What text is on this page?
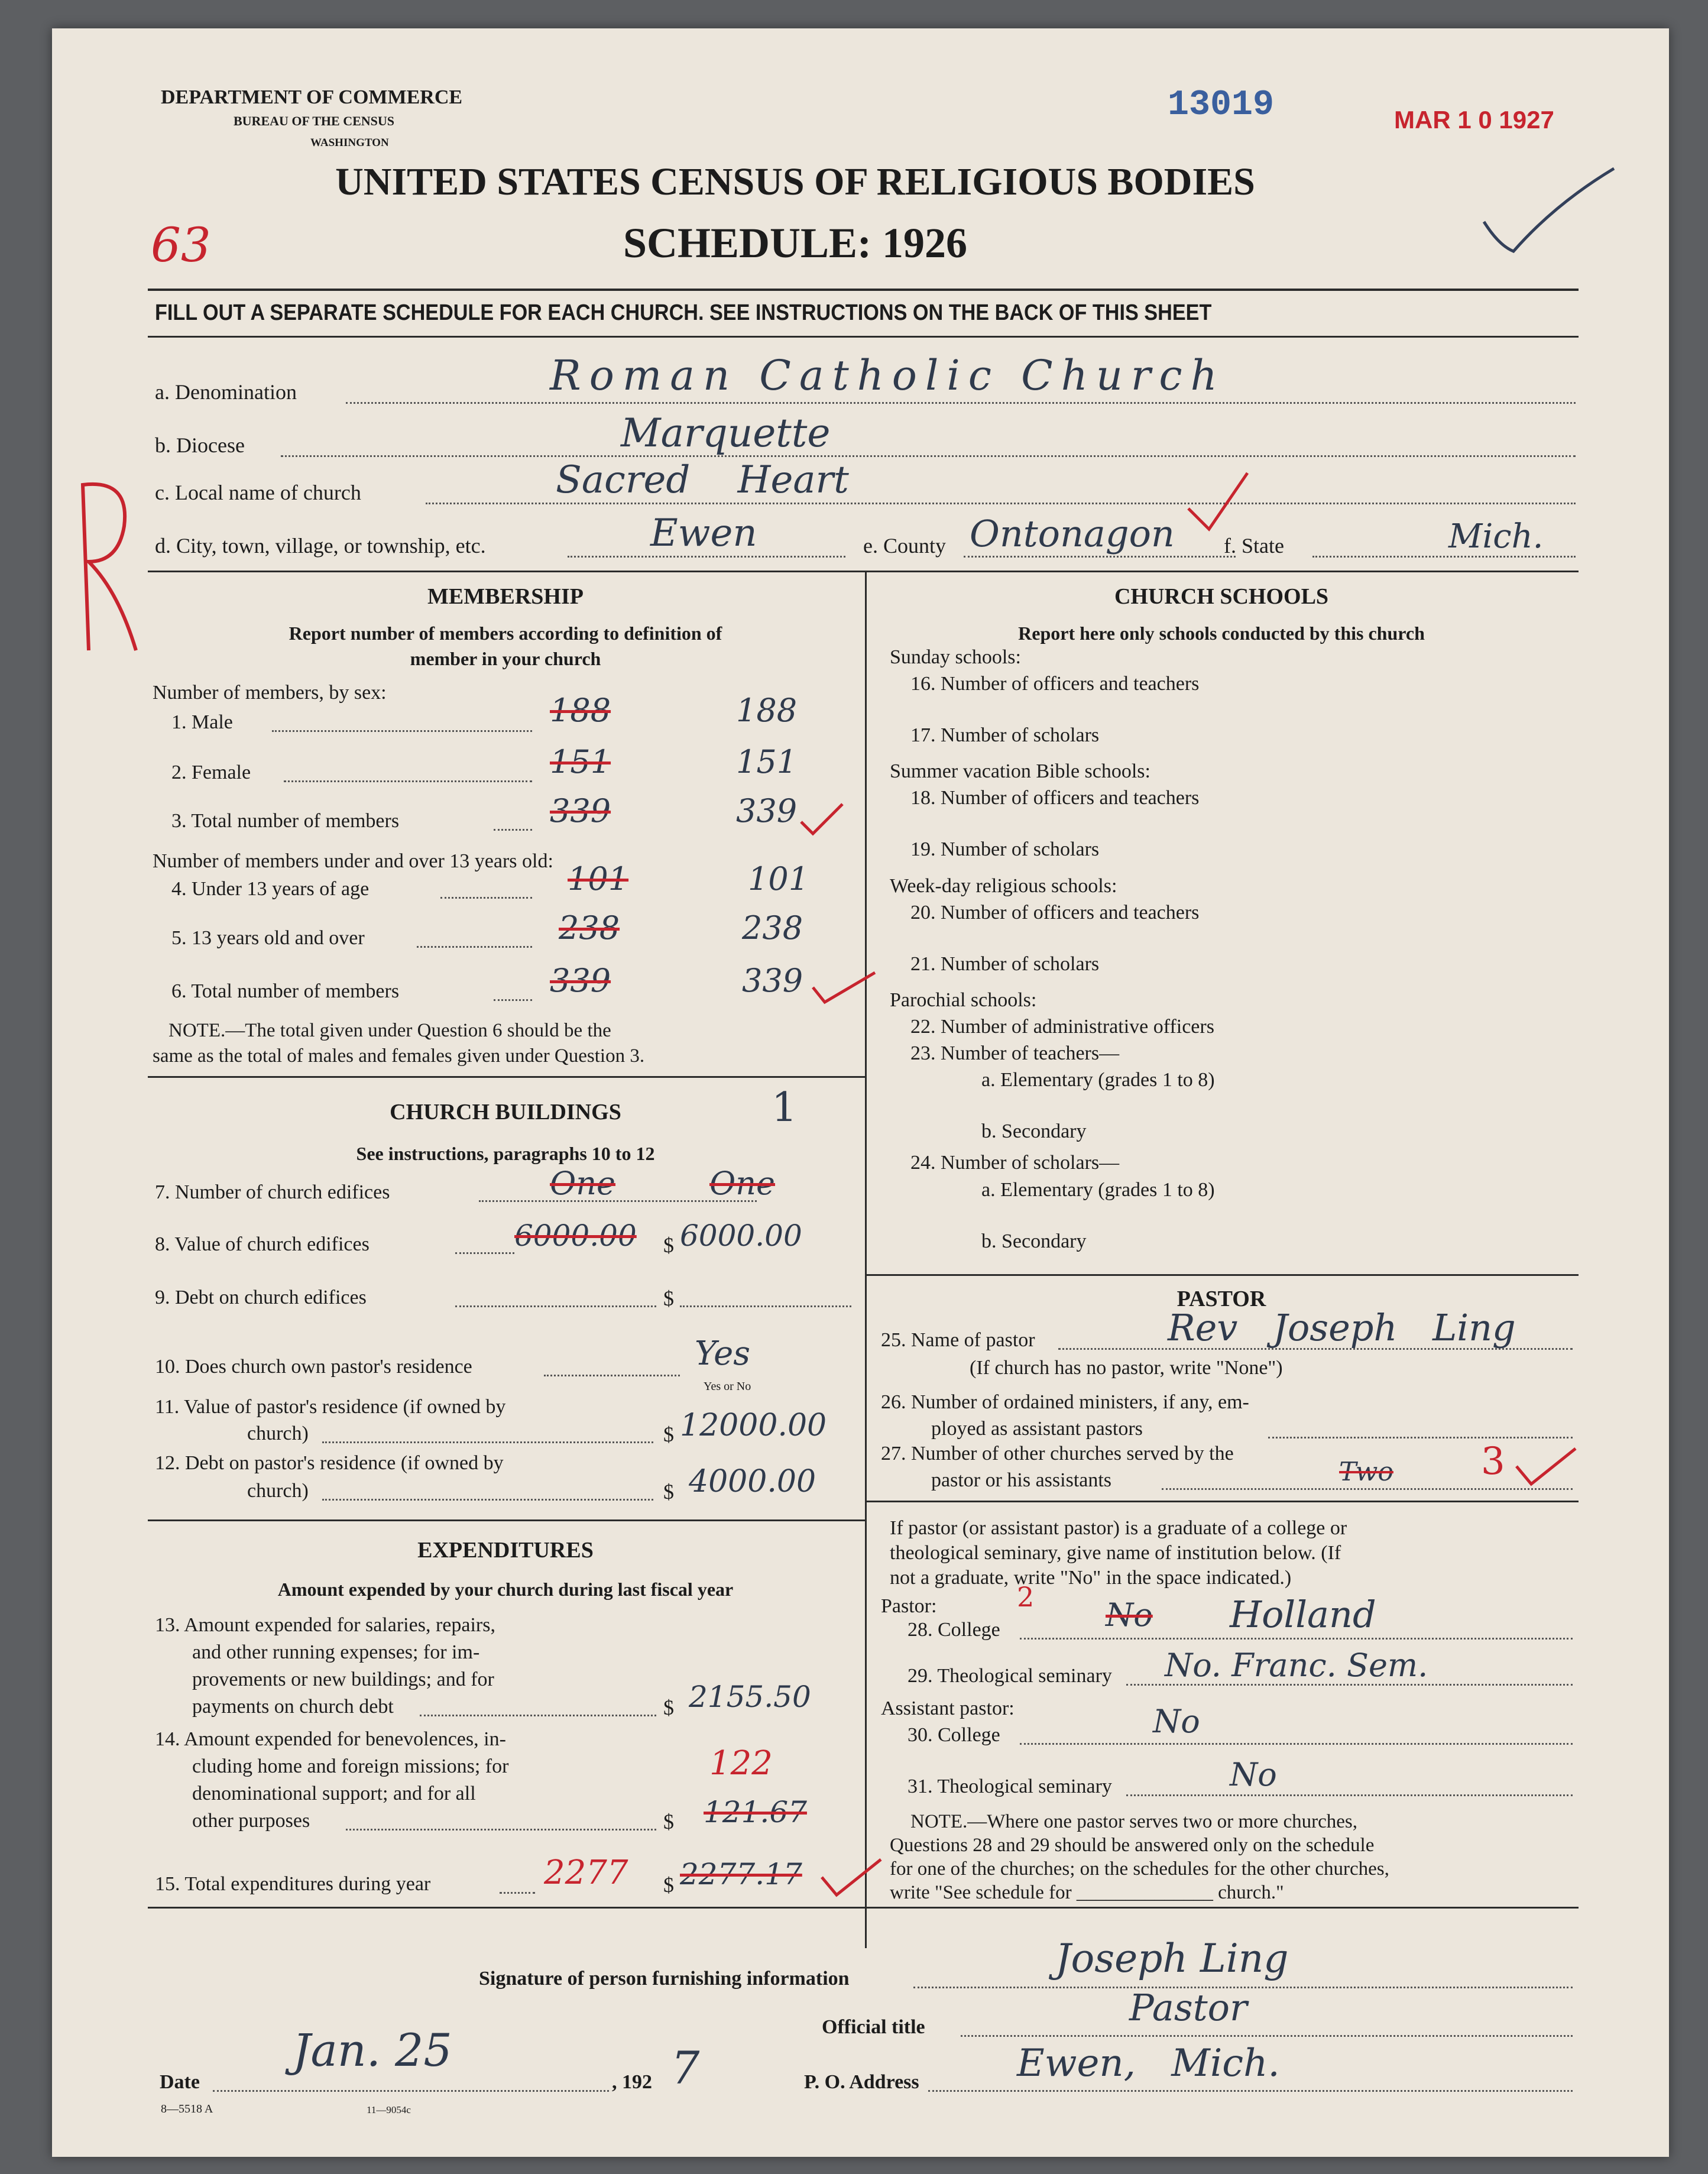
DEPARTMENT OF COMMERCE
BUREAU OF THE CENSUS
WASHINGTON
13019	MAR 1 0 1927
UNITED STATES CENSUS OF RELIGIOUS BODIES
SCHEDULE: 1926
63
FILL OUT A SEPARATE SCHEDULE FOR EACH CHURCH. SEE INSTRUCTIONS ON THE BACK OF THIS SHEET
a. Denomination	Roman Catholic Church
b. Diocese	Marquette
c. Local name of church	Sacred Heart
d. City, town, village, or township, etc.	Ewen	e. County Ontonagon f. State	Mich.
MEMBERSHIP
Report number of members according to definition of
member in your church
Number of members, by sex:
1. Male	188	188
2. Female	151	151
3. Total number of members	339	339
Number of members under and over 13 years old:
4. Under 13 years of age	101	101
5. 13 years old and over	238	238
6. Total number of members	339	339
NOTE.—The total given under Question 6 should be the
same as the total of males and females given under Question 3.
CHURCH BUILDINGS	1
See instructions, paragraphs 10 to 12
7. Number of church edifices	One	One
8. Value of church edifices	6000.00 $ 6000.00
9. Debt on church edifices	$
10. Does church own pastor's residence	Yes
Yes or No
11. Value of pastor's residence (if owned by
church)	$ 12000.00
12. Debt on pastor's residence (if owned by
church)	$ 4000.00
EXPENDITURES
Amount expended by your church during last fiscal year
13. Amount expended for salaries, repairs,
and other running expenses; for im-
provements or new buildings; and for
payments on church debt	$ 2155.50
14. Amount expended for benevolences, in-
cluding home and foreign missions; for
denominational support; and for all
other purposes
122
$ 121.67
15. Total expenditures during year	2277 $ 2277.17
CHURCH SCHOOLS
Report here only schools conducted by this church
Sunday schools:
16. Number of officers and teachers
17. Number of scholars
Summer vacation Bible schools:
18. Number of officers and teachers
19. Number of scholars
Week-day religious schools:
20. Number of officers and teachers
21. Number of scholars
Parochial schools:
22. Number of administrative officers
23. Number of teachers—
a. Elementary (grades 1 to 8)
b. Secondary
24. Number of scholars—
a. Elementary (grades 1 to 8)
b. Secondary
PASTOR
25. Name of pastor	Rev Joseph Ling
(If church has no pastor, write "None")
26. Number of ordained ministers, if any, em-
ployed as assistant pastors
27. Number of other churches served by the
pastor or his assistants	Two 3
If pastor (or assistant pastor) is a graduate of a college or
theological seminary, give name of institution below. (If
not a graduate, write "No" in the space indicated.)
Pastor:	2
28. College	No Holland
29. Theological seminary No. Franc. Sem.
Assistant pastor:
30. College	No
31. Theological seminary	No
NOTE.—Where one pastor serves two or more churches,
Questions 28 and 29 should be answered only on the schedule
for one of the churches; on the schedules for the other churches,
write "See schedule for ______________ church."
Signature of person furnishing information	Joseph Ling
Official title	Pastor
Date
Jan. 25
, 192 7	P. O. Address	Ewen, Mich.
8—5518 A	11—9054c
